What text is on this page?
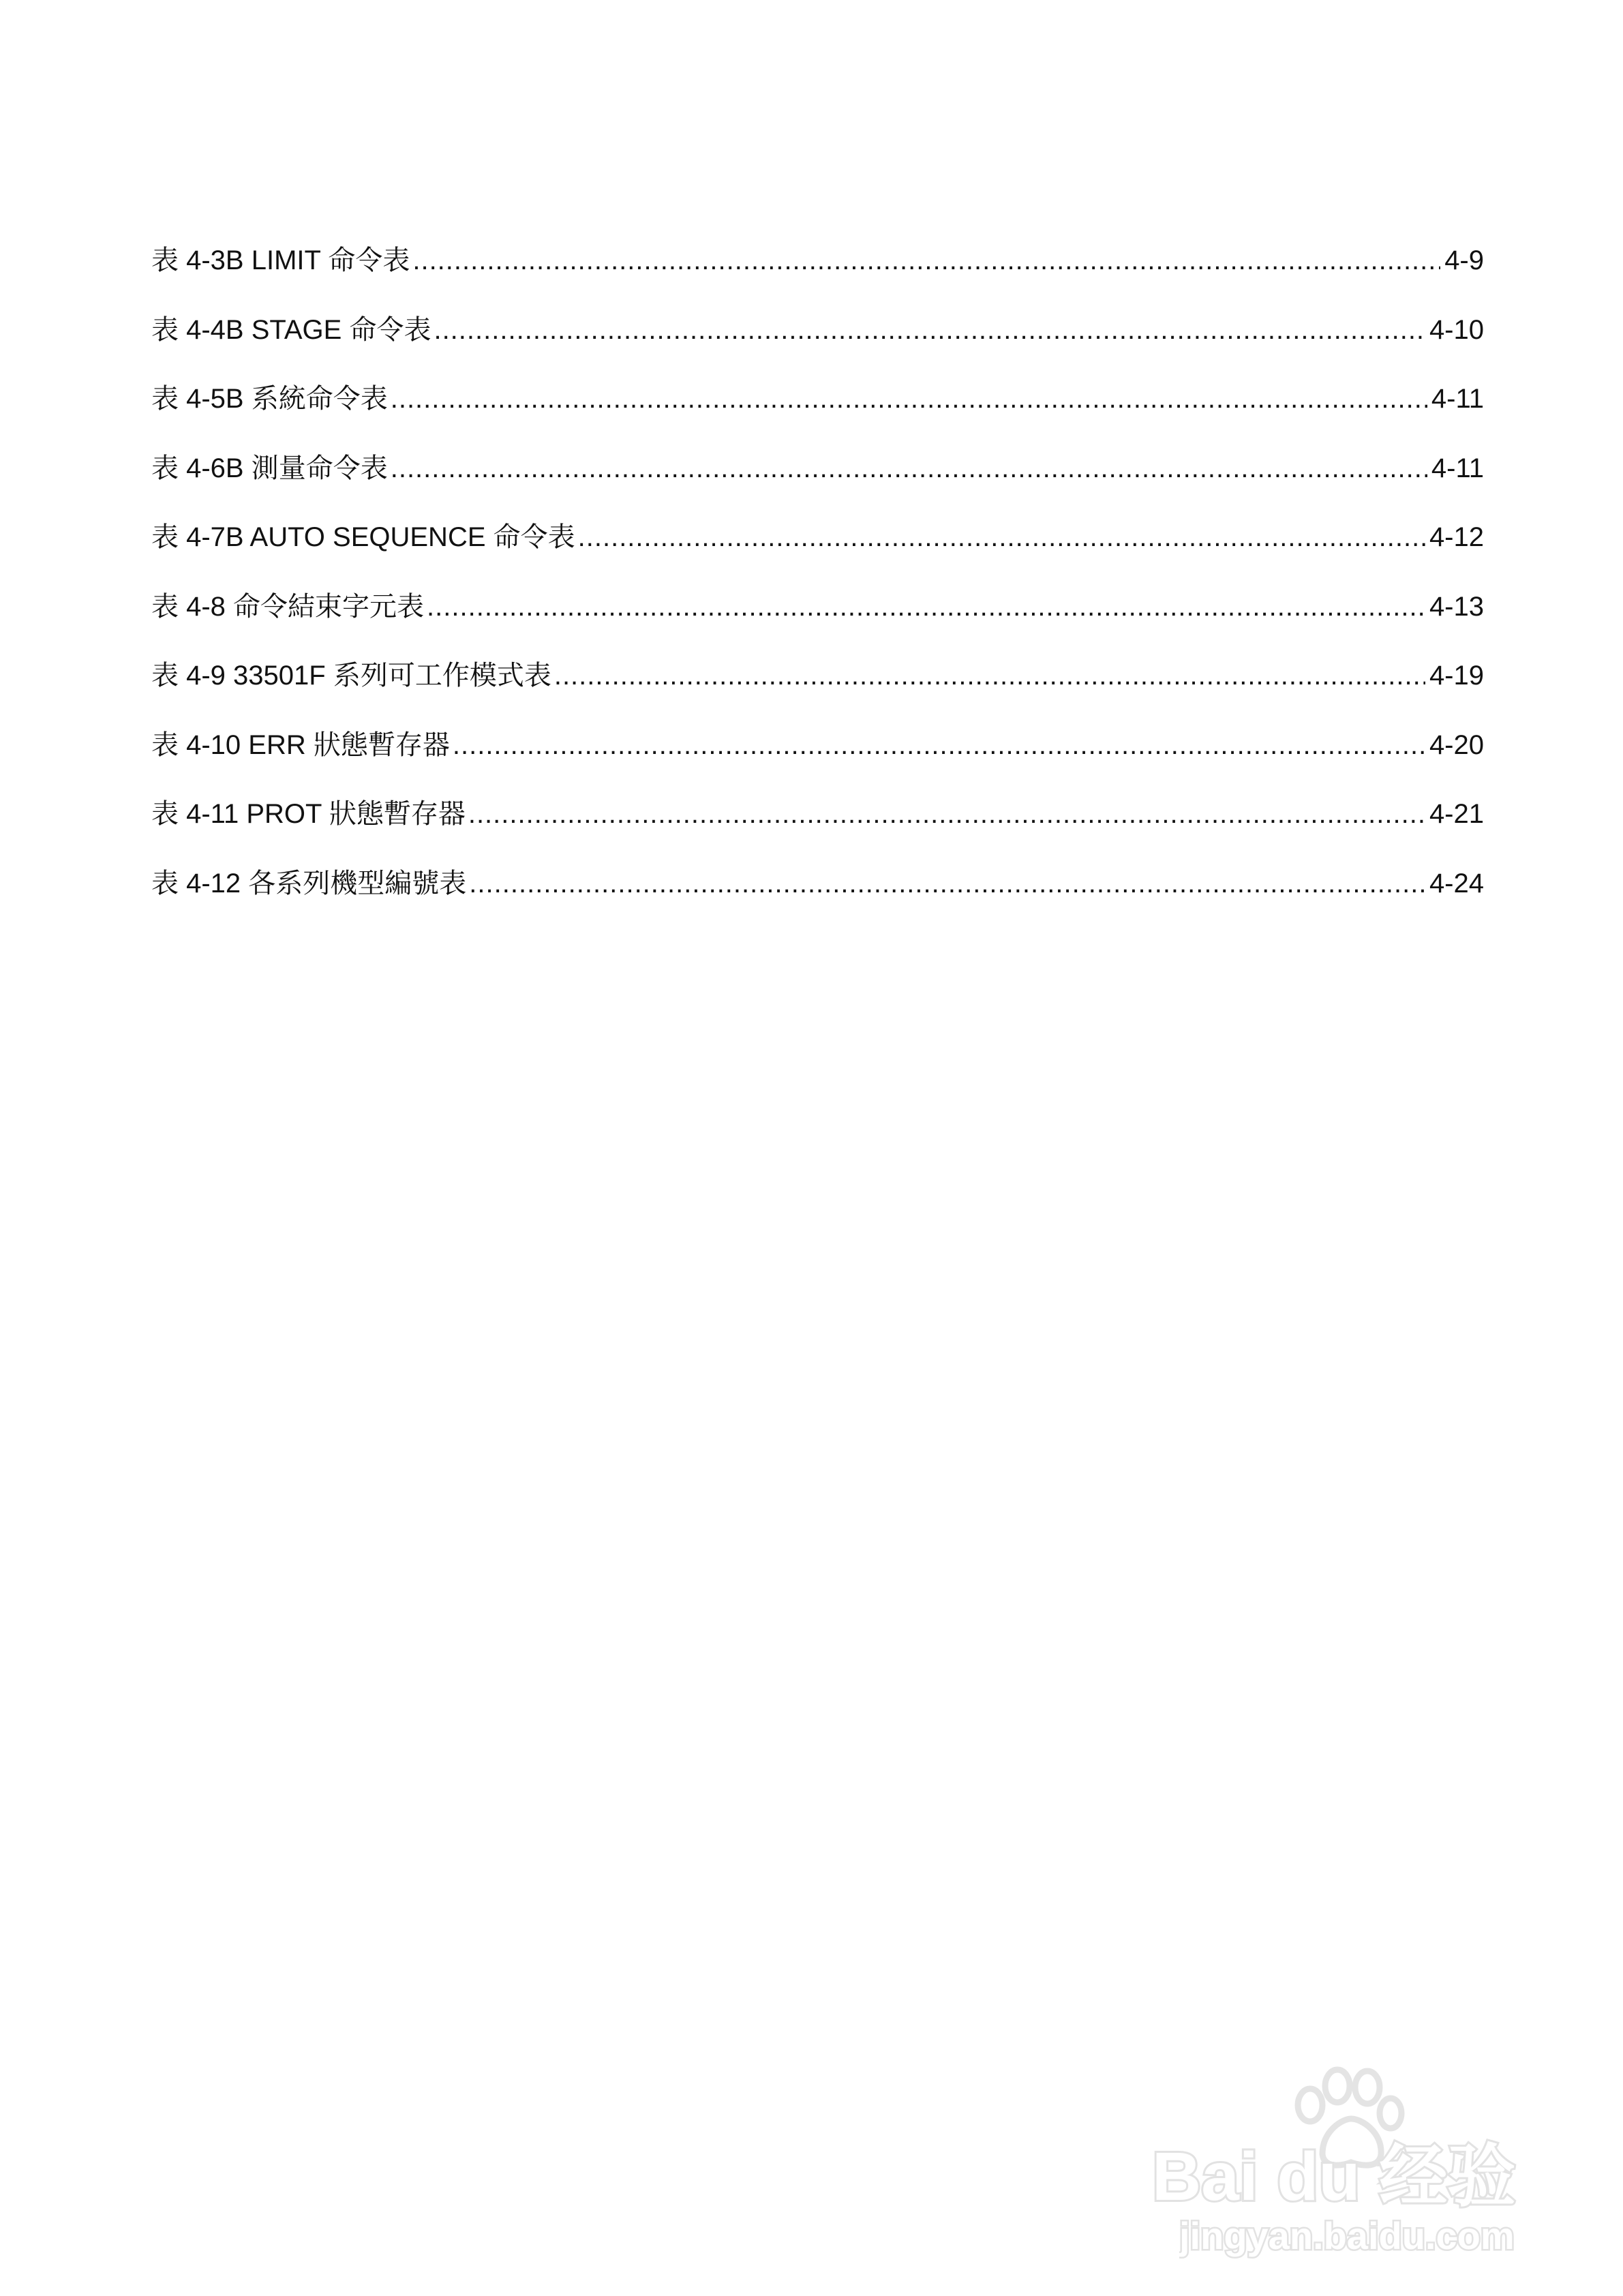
表 4-3B LIMIT 命令表 .....	4-9
表 4-4B STAGE 命令表 .....	4-10
表 4-5B 系統命令表 .....	4-11
表 4-6B 測量命令表 .....	4-11
表 4-7B AUTO SEQUENCE 命令表 .....	4-12
表 4-8 命令結束字元表 .....	4-13
表 4-9 33501F 系列可工作模式表 .....	4-19
表 4-10 ERR 狀態暫存器 .....	4-20
表 4-11 PROT 狀態暫存器 .....	4-21
表 4-12 各系列機型編號表 .....	4-24
Bai du 经验
jingyan.baidu.com
